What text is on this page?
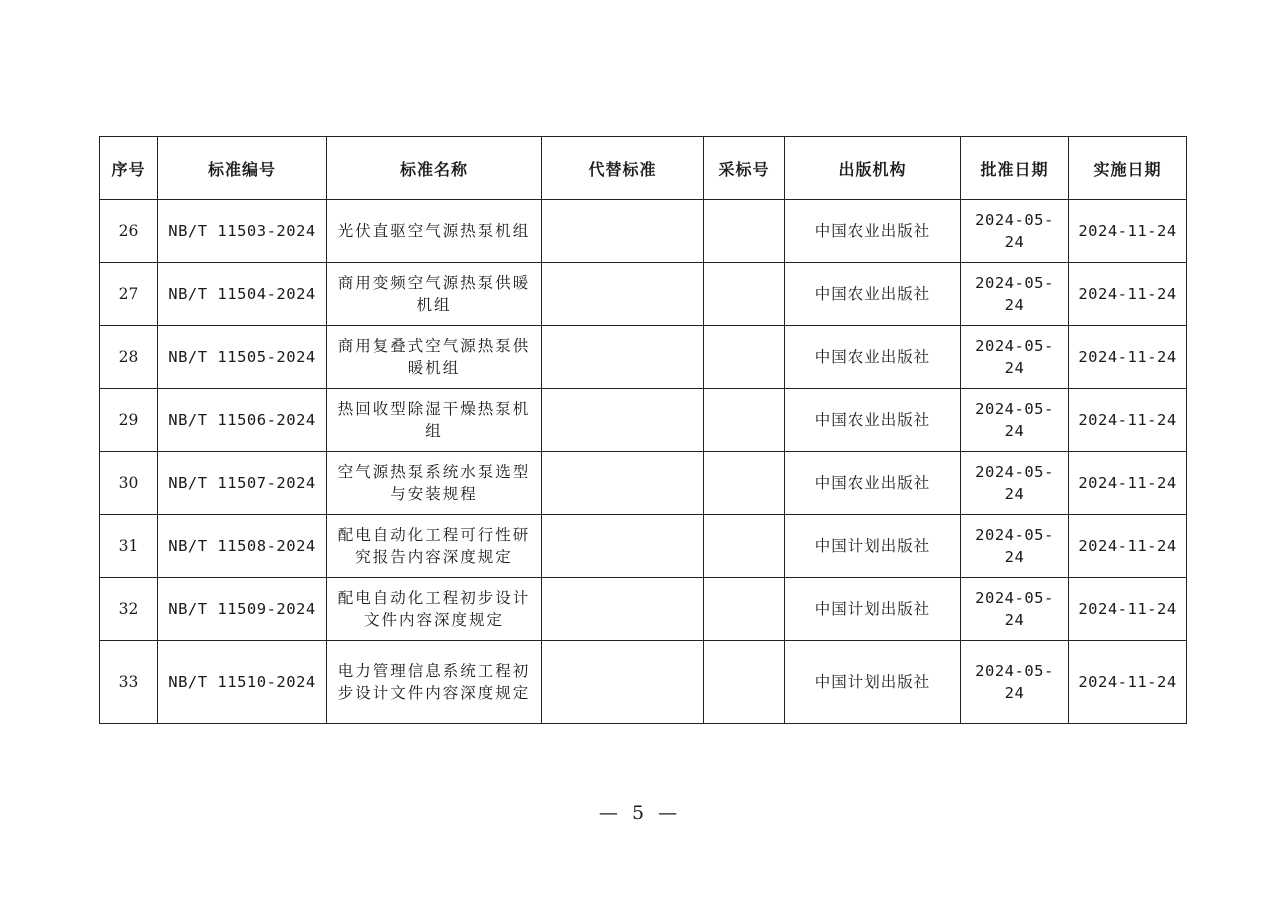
序号	标准编号	标准名称	代替标准	采标号	出版机构	批准日期	实施日期
26	NB/T 11503-2024	光伏直驱空气源热泵机组			中国农业出版社	2024-05-24	2024-11-24
27	NB/T 11504-2024	商用变频空气源热泵供暖机组			中国农业出版社	2024-05-24	2024-11-24
28	NB/T 11505-2024	商用复叠式空气源热泵供暖机组			中国农业出版社	2024-05-24	2024-11-24
29	NB/T 11506-2024	热回收型除湿干燥热泵机组			中国农业出版社	2024-05-24	2024-11-24
30	NB/T 11507-2024	空气源热泵系统水泵选型与安装规程			中国农业出版社	2024-05-24	2024-11-24
31	NB/T 11508-2024	配电自动化工程可行性研究报告内容深度规定			中国计划出版社	2024-05-24	2024-11-24
32	NB/T 11509-2024	配电自动化工程初步设计文件内容深度规定			中国计划出版社	2024-05-24	2024-11-24
33	NB/T 11510-2024	电力管理信息系统工程初步设计文件内容深度规定			中国计划出版社	2024-05-24	2024-11-24
— 5 —
